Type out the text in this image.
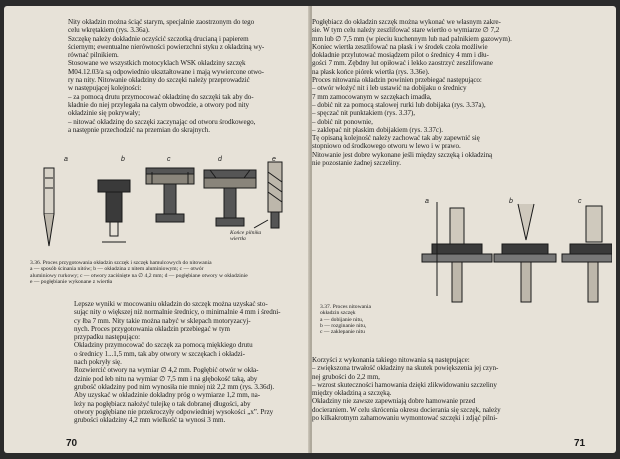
Nity okładzin można ściąć starym, specjalnie zaostrzonym do tego

celu wkrętakiem (rys. 3.36a).

Szczękę należy dokładnie oczyścić szczotką drucianą i papierem

ściernym; ewentualne nierówności powierzchni styku z okładziną wy-

równać pilnikiem.

Stosowane we wszystkich motocyklach WSK okładziny szczęk

M04.12.03/a są odpowiednio ukształtowane i mają wywiercone otwo-

ry na nity. Nitowanie okładziny do szczęki należy przeprowadzić

w następującej kolejności:

– za pomocą drutu przymocować okładzinę do szczęki tak aby do-

kładnie do niej przylegała na całym obwodzie, a otwory pod nity

okładzinie się pokrywały;

– nitować okładzinę do szczęki zaczynając od otworu środkowego,

a następnie przechodzić na przemian do skrajnych.

a	b	c	d	e

Końce pilnika

wiertła

3.36. Proces przygotowania okładzin szczęk i szczęk hamulcowych do nitowania

a — sposób ścinania nitów; b — okładzina z nitem aluminiowym; c — otwór

aluminiowy rurkowy; c — otwory zaciśnięte na ∅ 4,2 mm; d — pogłębiane otwory w okładzinie

e — pogłębianie wykonane z wiertła

Lepsze wyniki w mocowaniu okładzin do szczęk można uzyskać sto-

sując nity o większej niż normalnie średnicy, o minimalnie 4 mm i średni-

cy łba 7 mm. Nity takie można nabyć w sklepach motoryzacyj-

nych. Proces przygotowania okładzin przebiegać w tym

przypadku następująco:

Okładziny przymocować do szczęk za pomocą miękkiego drutu

o średnicy 1...1,5 mm, tak aby otwory w szczękach i okładzi-

nach pokryły się.

Rozwiercić otwory na wymiar ∅ 4,2 mm. Pogłębić otwór w okła-

dzinie pod łeb nitu na wymiar ∅ 7,5 mm i na głębokość taką, aby

grubość okładziny pod nim wynosiła nie mniej niż 2,2 mm (rys. 3.36d).

Aby uzyskać w okładzinie dokładny próg o wymiarze 1,2 mm, na-

leży na pogłębiacz nałożyć tulejkę o tak dobranej długości, aby

otwory pogłębiane nie przekroczyły odpowiedniej wysokości „x”. Przy

grubości okładziny 4,2 mm wielkość ta wynosi 3 mm.

70

Pogłębiacz do okładzin szczęk można wykonać we własnym zakre-

sie. W tym celu należy zeszlifować stare wiertło o wymiarze ∅ 7,2

mm lub ∅ 7,5 mm (w pieciu kuchennym lub nad palnikiem gazowym).

Koniec wiertła zeszlifować na płask i w środek czoła możliwie

dokładnie przylutować mosiądzem pilot o średnicy 4 mm i dłu-

gości 7 mm. Zębdny lut opiłować i lekko zaostrzyć zeszlifowane

na płask końce piórek wiertła (rys. 3.36e).

Proces nitowania okładzin powinien przebiegać następująco:

– otwór włożyć nit i leb ustawić na dobijaku o średnicy

7 mm zamocowanym w szczękach imadła,

– dobić nit za pomocą stalowej rurki lub dobijaka (rys. 3.37a),

– spęczać nit punktakiem (rys. 3.37),

– dobić nit ponownie,

– zaklepać nit płaskim dobijakiem (rys. 3.37c).

Tę opisaną kolejność należy zachować tak aby zapewnić się

stopniowo od środkowego otworu w lewo i w prawo.

Nitowanie jest dobre wykonane jeśli między szczęką i okładziną

nie pozostanie żadnej szczeliny.

a	b	c

3.37. Proces nitowania

okładzin szczęk

a — dobijanie nitu,

b — rozginanie nitu,

c — zaklepanie nitu

Korzyści z wykonania takiego nitowania są następujące:

– zwiększona trwałość okładziny na skutek powiększenia jej czyn-

nej grubości do 2,2 mm,

– wzrost skuteczności hamowania dzięki zlikwidowaniu szczeliny

między okładziną a szczęką.

Okładziny nie zawsze zapewniają dobre hamowanie przed

docieraniem. W celu skrócenia okresu docierania się szczęk, należy

po kilkakrotnym zahamowaniu wymontować szczęki i zdjąć pilni-

71
